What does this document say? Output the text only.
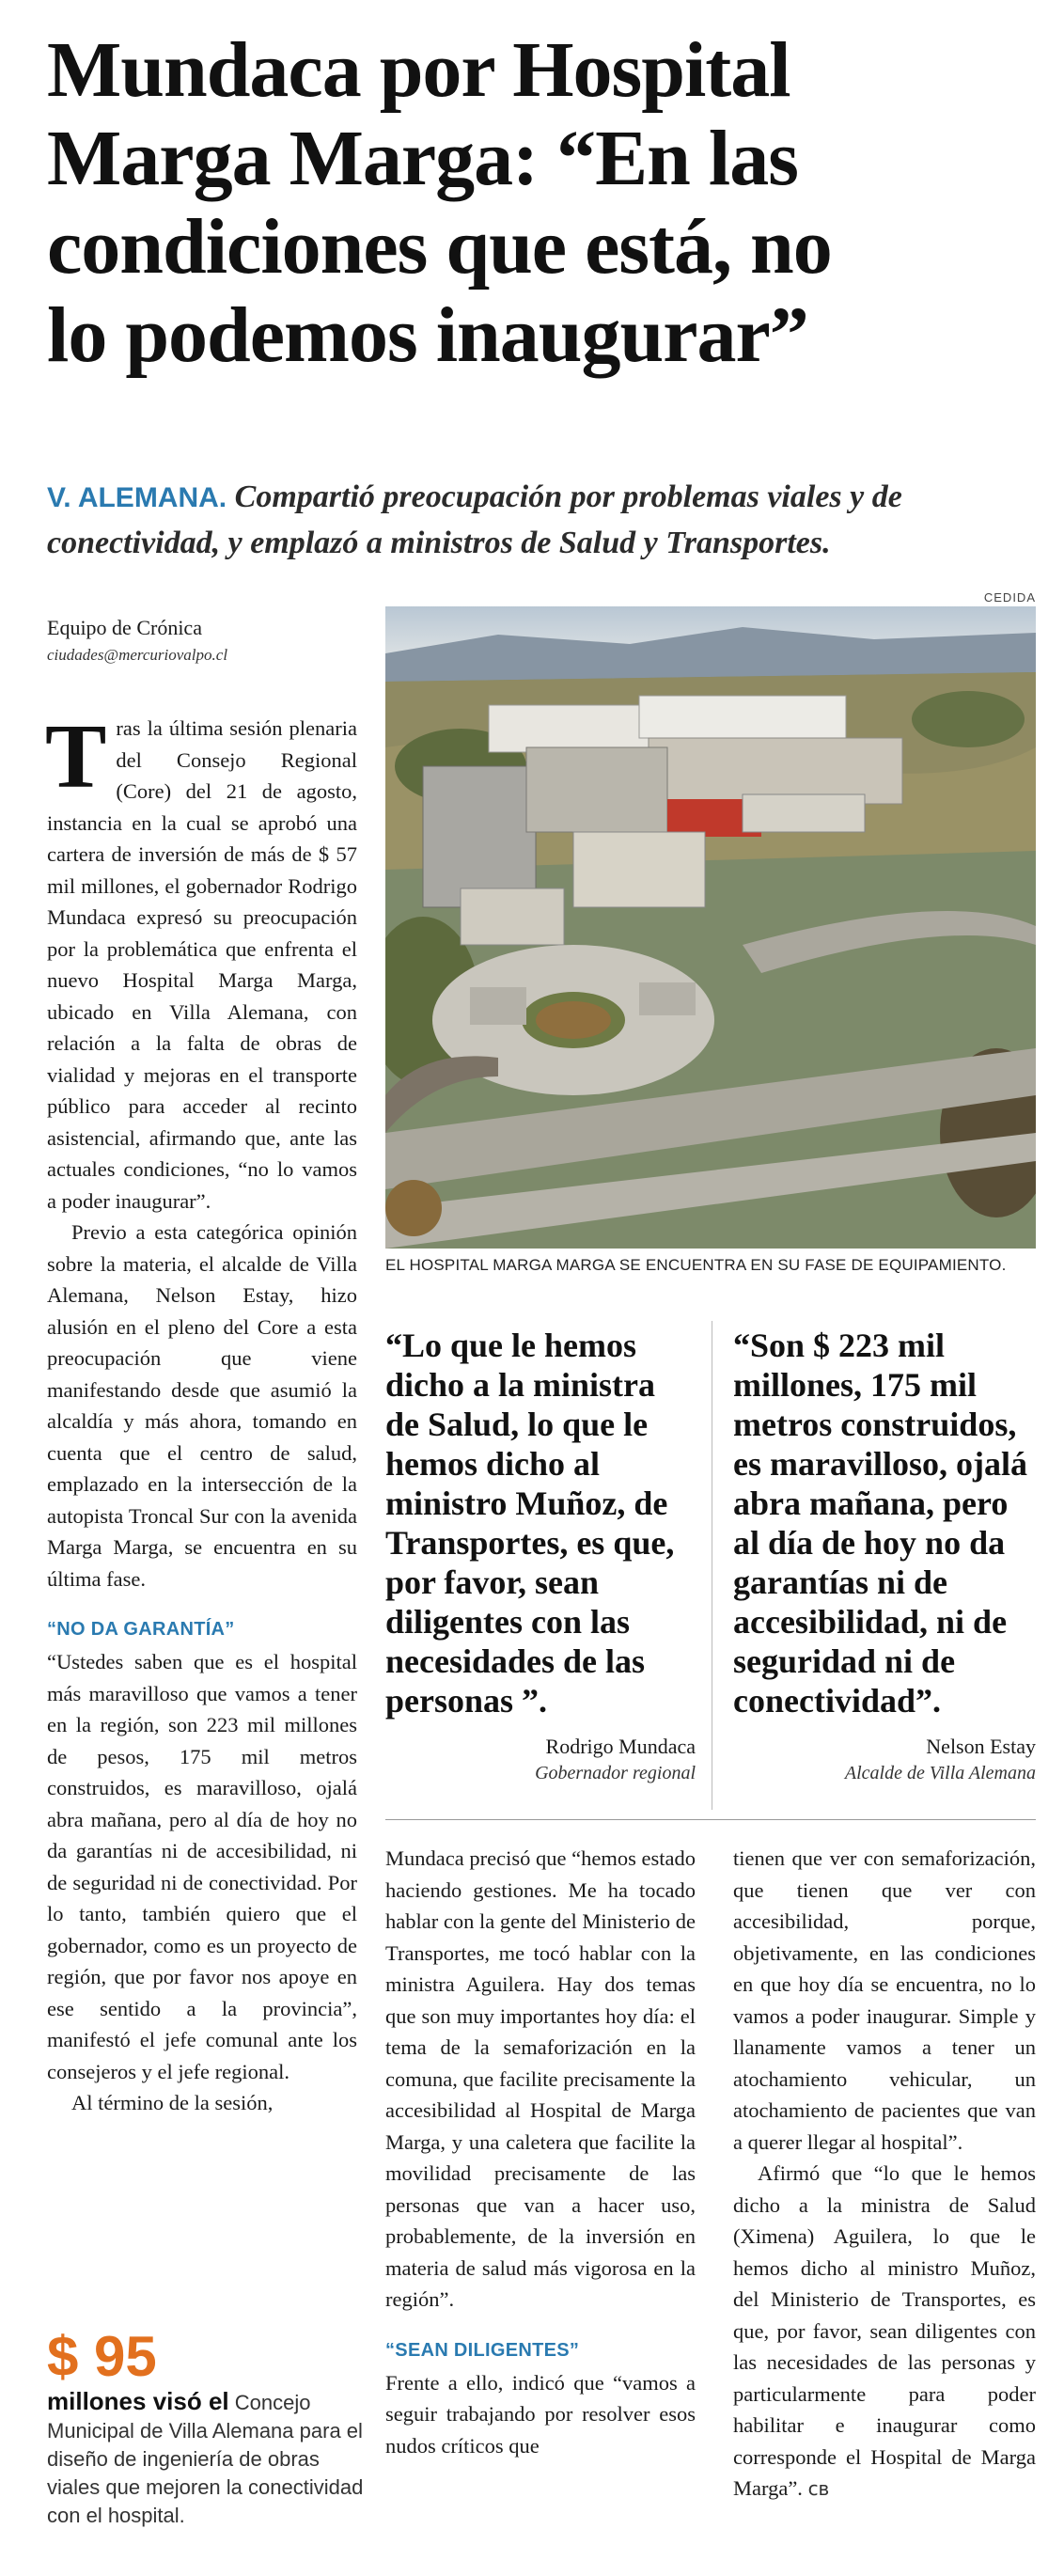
Mundaca por Hospital
Marga Marga: “En las
condiciones que está, no
lo podemos inaugurar”
V. ALEMANA. Compartió preocupación por problemas viales y de conectividad, y emplazó a ministros de Salud y Transportes.
CEDIDA
EL HOSPITAL MARGA MARGA SE ENCUENTRA EN SU FASE DE EQUIPAMIENTO.
Equipo de Crónica
ciudades@mercuriovalpo.cl

Tras la última sesión plenaria del Consejo Regional (Core) del 21 de agosto, instancia en la cual se aprobó una cartera de inversión de más de $ 57 mil millones, el gobernador Rodrigo Mundaca expresó su preocupación por la problemática que enfrenta el nuevo Hospital Marga Marga, ubicado en Villa Alemana, con relación a la falta de obras de vialidad y mejoras en el transporte público para acceder al recinto asistencial, afirmando que, ante las actuales condiciones, “no lo vamos a poder inaugurar”.

Previo a esta categórica opinión sobre la materia, el alcalde de Villa Alemana, Nelson Estay, hizo alusión en el pleno del Core a esta preocupación que viene manifestando desde que asumió la alcaldía y más ahora, tomando en cuenta que el centro de salud, emplazado en la intersección de la autopista Troncal Sur con la avenida Marga Marga, se encuentra en su última fase.

“NO DA GARANTÍA”

“Ustedes saben que es el hospital más maravilloso que vamos a tener en la región, son 223 mil millones de pesos, 175 mil metros construidos, es maravilloso, ojalá abra mañana, pero al día de hoy no da garantías ni de accesibilidad, ni de seguridad ni de conectividad. Por lo tanto, también quiero que el gobernador, como es un proyecto de región, que por favor nos apoye en ese sentido a la provincia”, manifestó el jefe comunal ante los consejeros y el jefe regional.

Al término de la sesión,

$ 95
millones visó el Concejo Municipal de Villa Alemana para el diseño de ingeniería de obras viales que mejoren la conectividad con el hospital.
“Lo que le hemos dicho a la ministra de Salud, lo que le hemos dicho al ministro Muñoz, de Transportes, es que, por favor, sean diligentes con las necesidades de las personas ”.
“Son $ 223 mil millones, 175 mil metros construidos, es maravilloso, ojalá abra mañana, pero al día de hoy no da garantías ni de accesibilidad, ni de seguridad ni de conectividad”.
Rodrigo Mundaca
Gobernador regional
Nelson Estay
Alcalde de Villa Alemana

Mundaca precisó que “hemos estado haciendo gestiones. Me ha tocado hablar con la gente del Ministerio de Transportes, me tocó hablar con la ministra Aguilera. Hay dos temas que son muy importantes hoy día: el tema de la semaforización en la comuna, que facilite precisamente la accesibilidad al Hospital de Marga Marga, y una caletera que facilite la movilidad precisamente de las personas que van a hacer uso, probablemente, de la inversión en materia de salud más vigorosa en la región”.

“SEAN DILIGENTES”

Frente a ello, indicó que “vamos a seguir trabajando por resolver esos nudos críticos que

tienen que ver con semaforización, que tienen que ver con accesibilidad, porque, objetivamente, en las condiciones en que hoy día se encuentra, no lo vamos a poder inaugurar. Simple y llanamente vamos a tener un atochamiento vehicular, un atochamiento de pacientes que van a querer llegar al hospital”.

Afirmó que “lo que le hemos dicho a la ministra de Salud (Ximena) Aguilera, lo que le hemos dicho al ministro Muñoz, del Ministerio de Transportes, es que, por favor, sean diligentes con las necesidades de las personas y particularmente para poder habilitar e inaugurar como corresponde el Hospital de Marga Marga”. ᴄʙ
